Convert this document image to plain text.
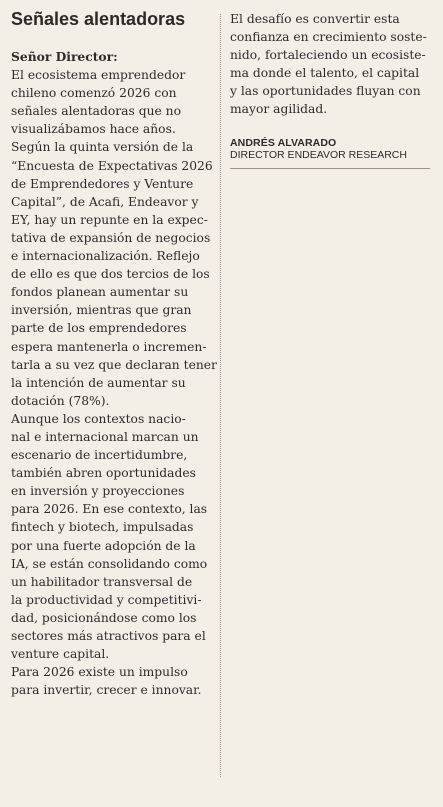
Señales alentadoras
Señor Director:
El ecosistema emprendedor
chileno comenzó 2026 con
señales alentadoras que no
visualizábamos hace años.
Según la quinta versión de la
“Encuesta de Expectativas 2026
de Emprendedores y Venture
Capital”, de Acafi, Endeavor y
EY, hay un repunte en la expec-
tativa de expansión de negocios
e internacionalización. Reflejo
de ello es que dos tercios de los
fondos planean aumentar su
inversión, mientras que gran
parte de los emprendedores
espera mantenerla o incremen-
tarla a su vez que declaran tener
la intención de aumentar su
dotación (78%).
Aunque los contextos nacio-
nal e internacional marcan un
escenario de incertidumbre,
también abren oportunidades
en inversión y proyecciones
para 2026. En ese contexto, las
fintech y biotech, impulsadas
por una fuerte adopción de la
IA, se están consolidando como
un habilitador transversal de
la productividad y competitivi-
dad, posicionándose como los
sectores más atractivos para el
venture capital.
Para 2026 existe un impulso
para invertir, crecer e innovar.
El desafío es convertir esta
confianza en crecimiento soste-
nido, fortaleciendo un ecosiste-
ma donde el talento, el capital
y las oportunidades fluyan con
mayor agilidad.
ANDRÉS ALVARADO
DIRECTOR ENDEAVOR RESEARCH
